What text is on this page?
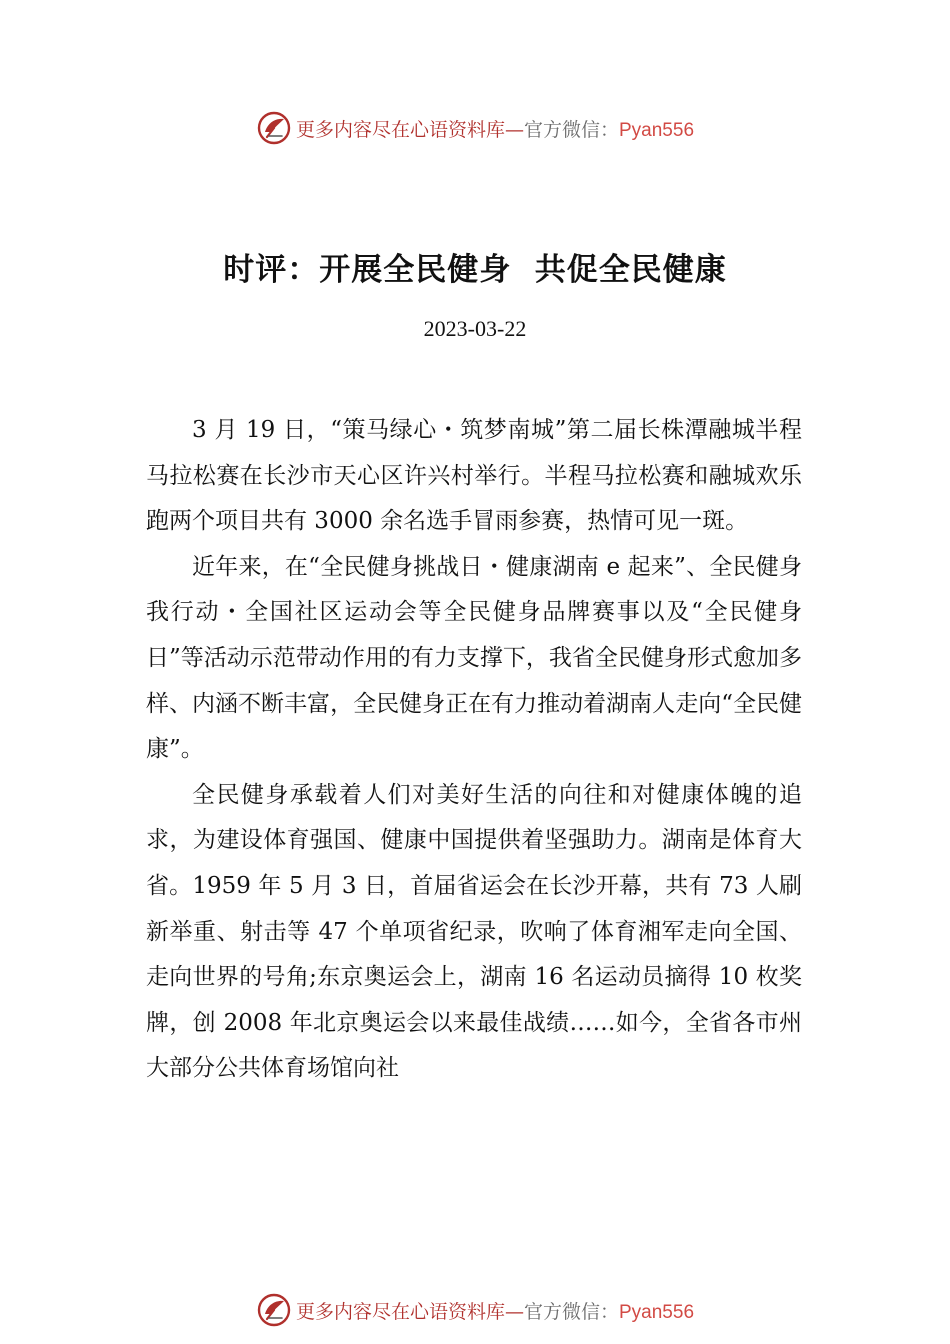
更多内容尽在心语资料库—官方微信：Pyan556
时评：开展全民健身  共促全民健康
2023-03-22

3 月 19 日，“策马绿心・筑梦南城”第二届长株潭融城半程马拉松赛在长沙市天心区许兴村举行。半程马拉松赛和融城欢乐跑两个项目共有 3000 余名选手冒雨参赛，热情可见一斑。

近年来，在“全民健身挑战日・健康湖南 e 起来”、全民健身我行动・全国社区运动会等全民健身品牌赛事以及“全民健身日”等活动示范带动作用的有力支撑下，我省全民健身形式愈加多样、内涵不断丰富，全民健身正在有力推动着湖南人走向“全民健康”。

全民健身承载着人们对美好生活的向往和对健康体魄的追求，为建设体育强国、健康中国提供着坚强助力。湖南是体育大省。1959 年 5 月 3 日，首届省运会在长沙开幕，共有 73 人刷新举重、射击等 47 个单项省纪录，吹响了体育湘军走向全国、走向世界的号角;东京奥运会上，湖南 16 名运动员摘得 10 枚奖牌，创 2008 年北京奥运会以来最佳战绩……如今，全省各市州大部分公共体育场馆向社

更多内容尽在心语资料库—官方微信：Pyan556
